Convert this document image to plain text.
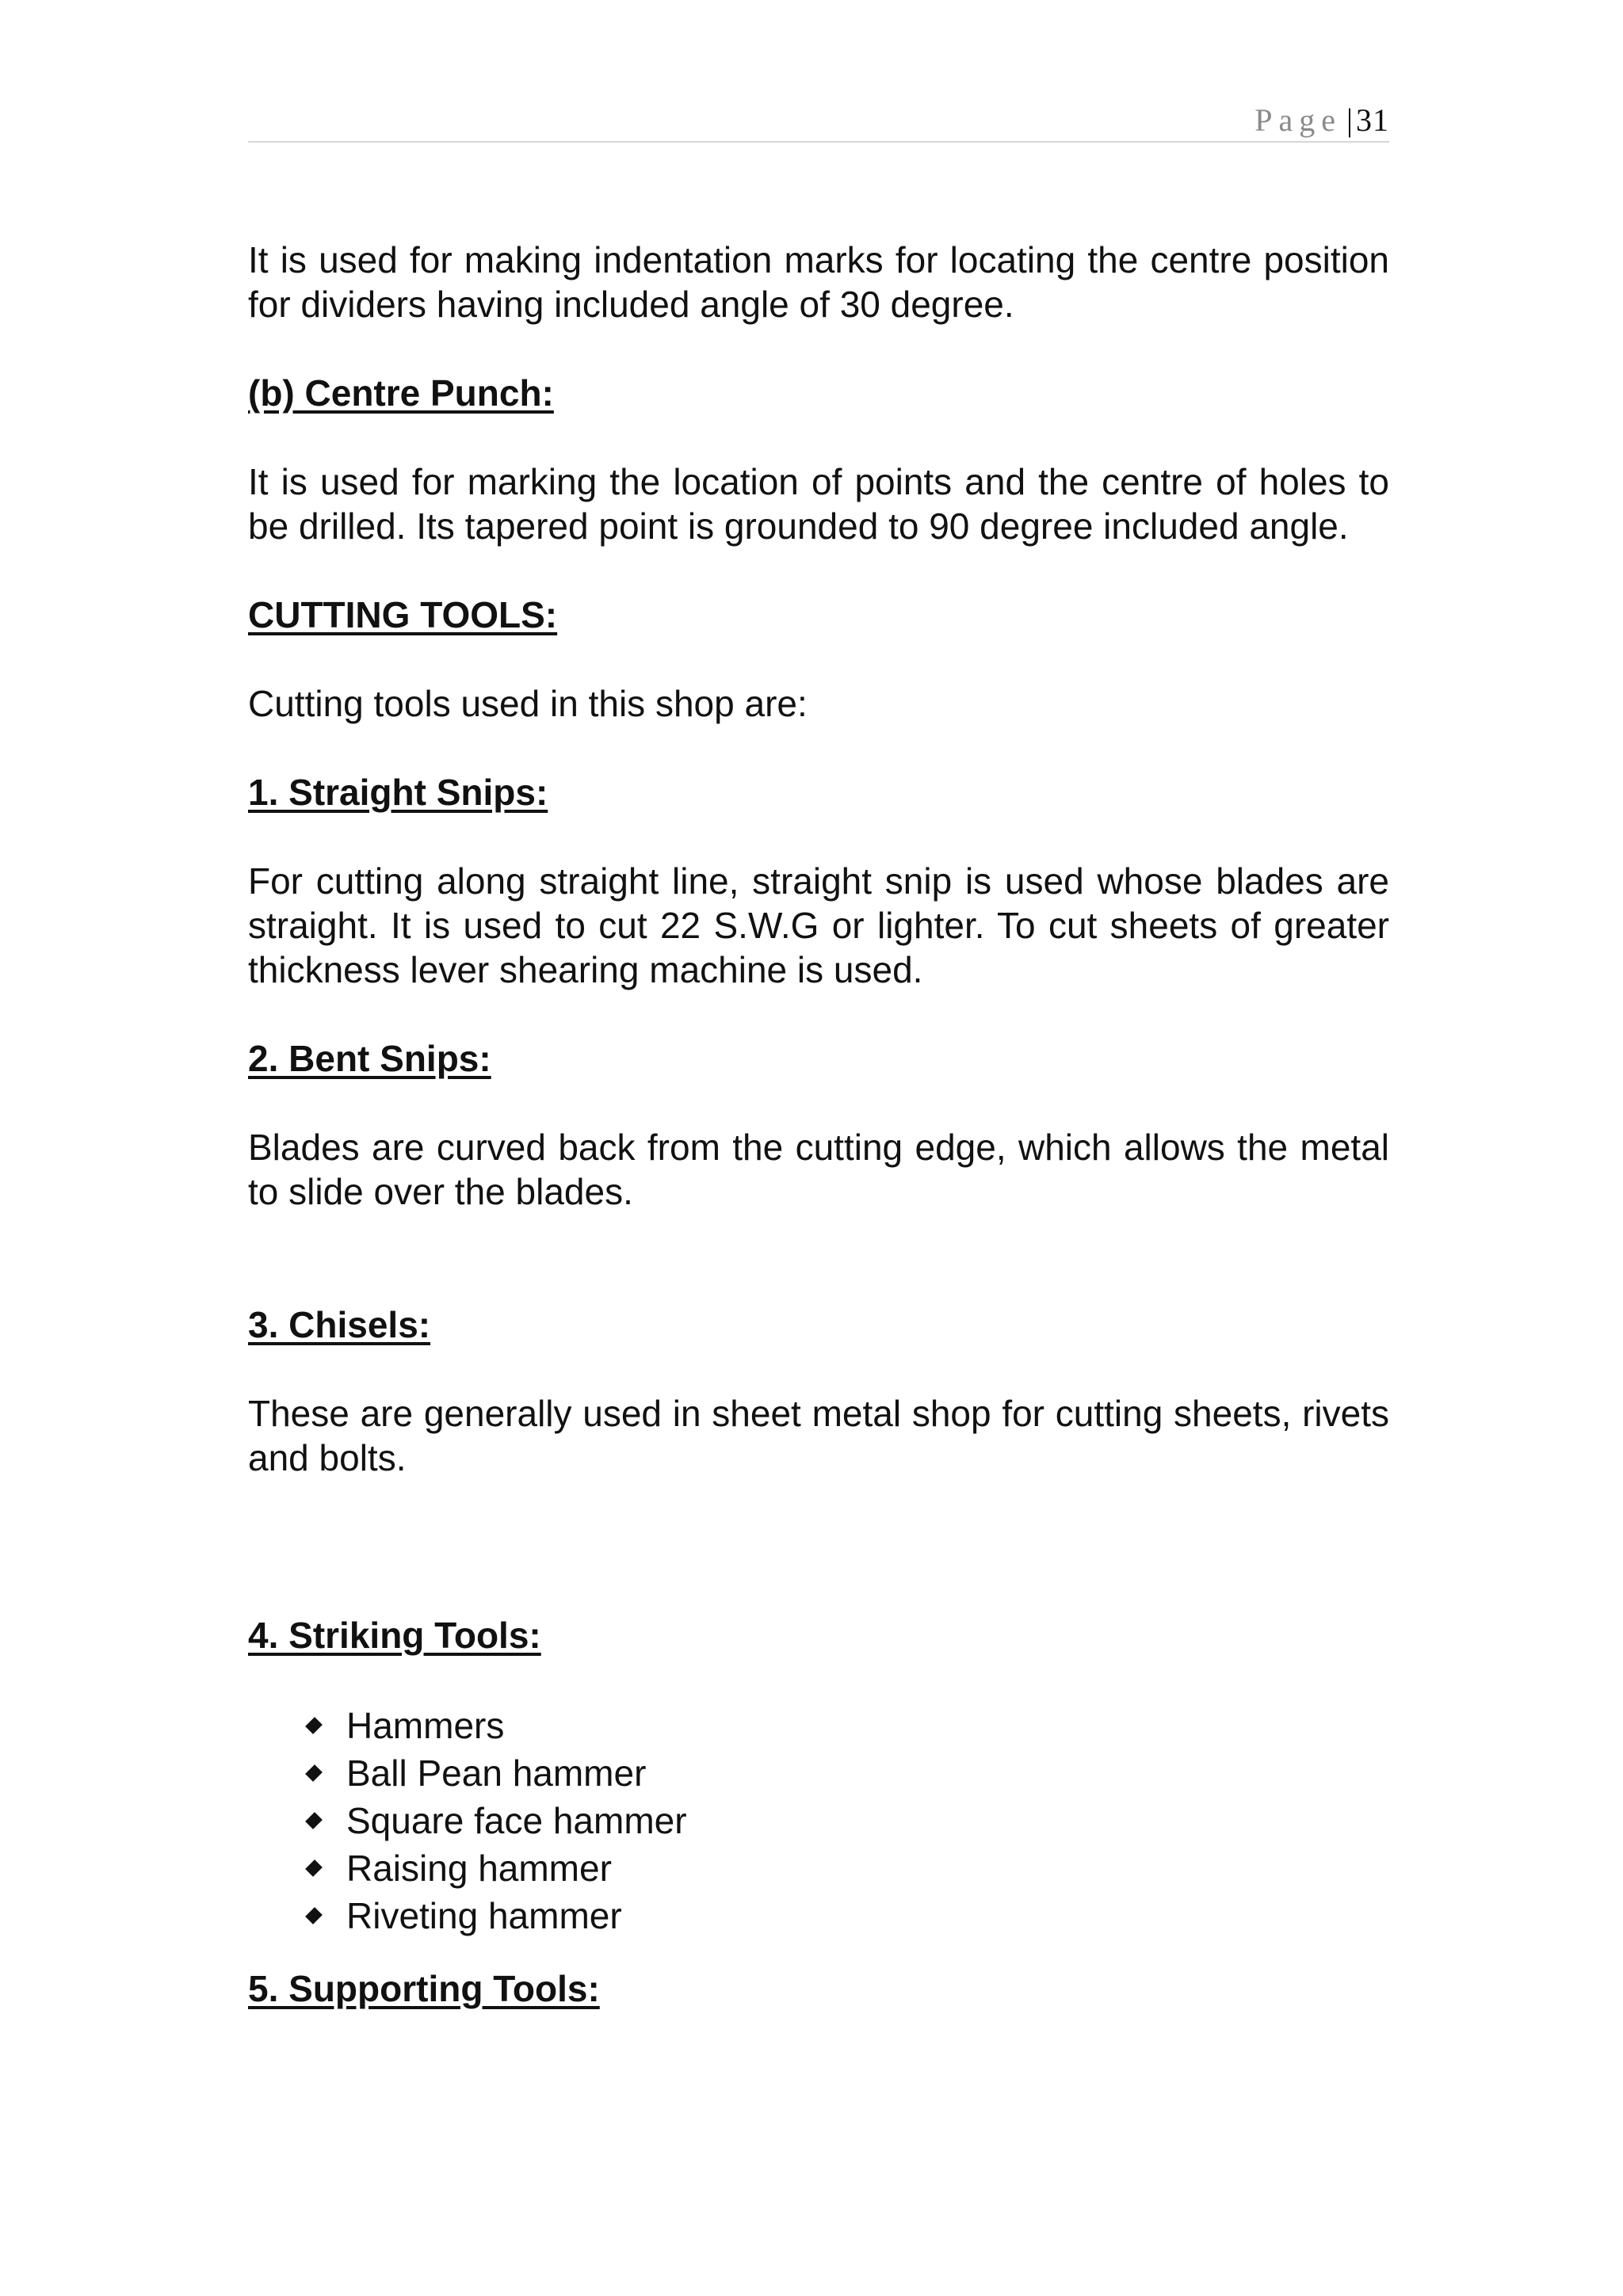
Page | 31

It is used for making indentation marks for locating the centre position for dividers having included angle of 30 degree.

(b) Centre Punch:

It is used for marking the location of points and the centre of holes to be drilled. Its tapered point is grounded to 90 degree included angle.

CUTTING TOOLS:

Cutting tools used in this shop are:

1. Straight Snips:

For cutting along straight line, straight snip is used whose blades are straight. It is used to cut 22 S.W.G or lighter. To cut sheets of greater thickness lever shearing machine is used.

2. Bent Snips:

Blades are curved back from the cutting edge, which allows the metal to slide over the blades.

3. Chisels:

These are generally used in sheet metal shop for cutting sheets, rivets and bolts.

4. Striking Tools:
Hammers
Ball Pean hammer
Square face hammer
Raising hammer
Riveting hammer
5. Supporting Tools:
